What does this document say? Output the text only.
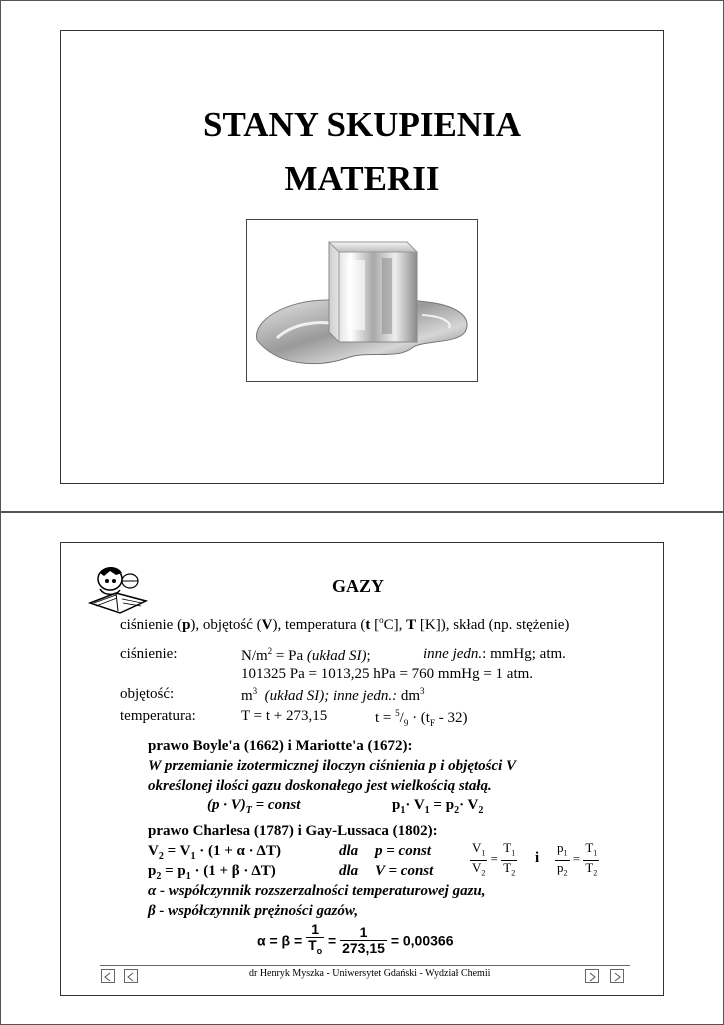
STANY SKUPIENIA
MATERII
GAZY
ciśnienie (p), objętość (V), temperatura (t [$^o$C], T [K]), skład (np. stężenie)
ciśnienie:	$N/m^2 = Pa$ (układ SI);	inne jedn.: mmHg; atm.
101325 Pa = 1013,25 hPa = 760 mmHg = 1 atm.
objętość:	$m^3$ (układ SI); inne jedn.: $dm^3$
temperatura:	T = t + 273,15	$t = ^5/_9 \cdot (t_F - 32)$
prawo Boyle'a (1662) i Mariotte'a (1672):
W przemianie izotermicznej iloczyn ciśnienia p i objętości V
określonej ilości gazu doskonałego jest wielkością stałą.
$(p \cdot V)_T$ = const	$p_1\cdot V_1 = p_2\cdot V_2$
prawo Charlesa (1787) i Gay-Lussaca (1802):
$V_2 = V_1 \cdot (1 + \alpha \cdot \Delta T)$	dla p = const
$p_2 = p_1 \cdot (1 + \beta \cdot \Delta T)$	dla V = const	$\frac{V_1}{V_2} = \frac{T_1}{T_2}$ i $\frac{p_1}{p_2} = \frac{T_1}{T_2}$
α - współczynnik rozszerzalności temperaturowej gazu,
β - współczynnik prężności gazów,
$\alpha = \beta = \frac{1}{T_o} = \frac{1}{273,15} = 0,00366$
dr Henryk Myszka - Uniwersytet Gdański - Wydział Chemii
